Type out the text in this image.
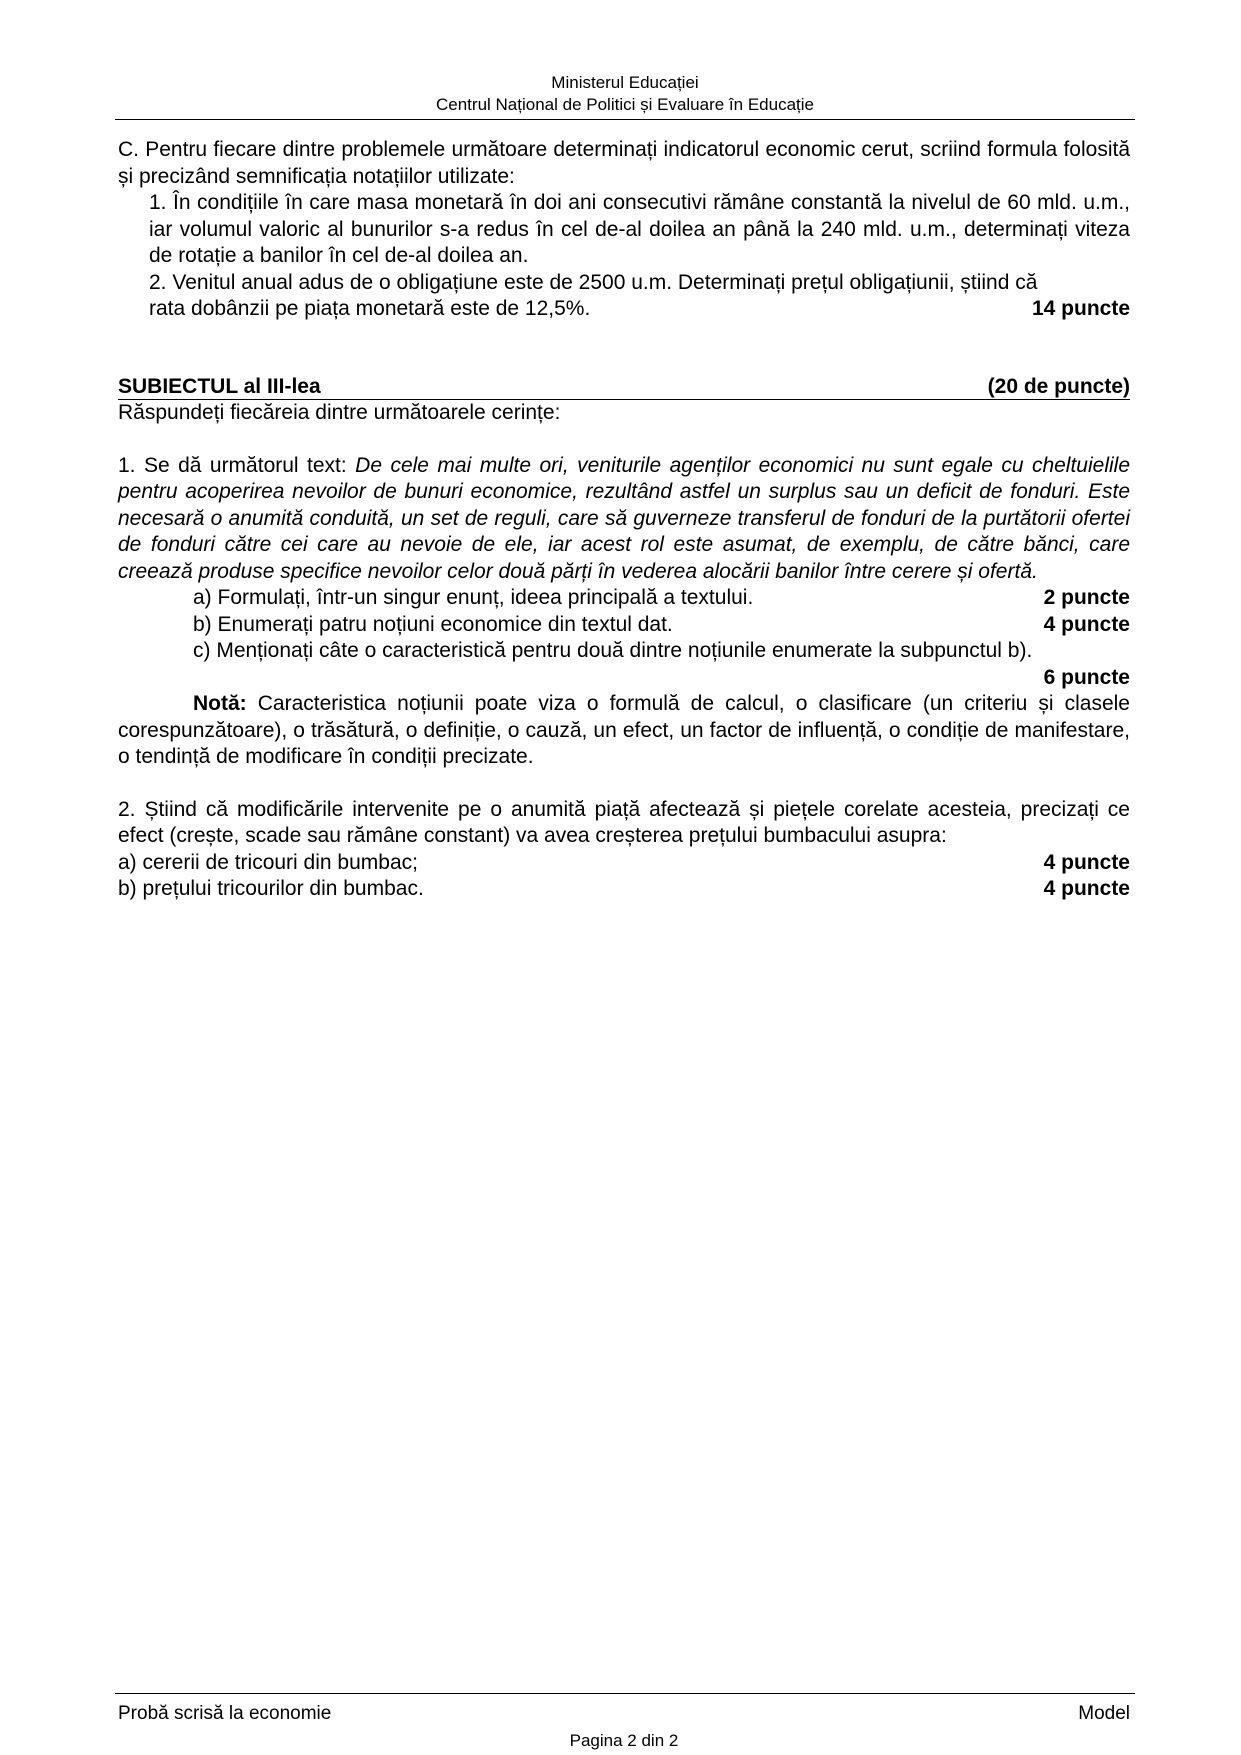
Ministerul Educației
Centrul Național de Politici și Evaluare în Educație
C. Pentru fiecare dintre problemele următoare determinați indicatorul economic cerut, scriind formula folosită și precizând semnificația notațiilor utilizate:
1. În condițiile în care masa monetară în doi ani consecutivi rămâne constantă la nivelul de 60 mld. u.m., iar volumul valoric al bunurilor s-a redus în cel de-al doilea an până la 240 mld. u.m., determinați viteza de rotație a banilor în cel de-al doilea an.
2. Venitul anual adus de o obligațiune este de 2500 u.m. Determinați prețul obligațiunii, știind că
rata dobânzii pe piața monetară este de 12,5%.	14 puncte
SUBIECTUL al III-lea	(20 de puncte)
Răspundeți fiecăreia dintre următoarele cerințe:
1. Se dă următorul text: De cele mai multe ori, veniturile agenților economici nu sunt egale cu cheltuielile pentru acoperirea nevoilor de bunuri economice, rezultând astfel un surplus sau un deficit de fonduri. Este necesară o anumită conduită, un set de reguli, care să guverneze transferul de fonduri de la purtătorii ofertei de fonduri către cei care au nevoie de ele, iar acest rol este asumat, de exemplu, de către bănci, care creează produse specifice nevoilor celor două părți în vederea alocării banilor între cerere și ofertă.
a) Formulați, într-un singur enunț, ideea principală a textului.	2 puncte
b) Enumerați patru noțiuni economice din textul dat.	4 puncte
c) Menționați câte o caracteristică pentru două dintre noțiunile enumerate la subpunctul b).
6 puncte
Notă: Caracteristica noțiunii poate viza o formulă de calcul, o clasificare (un criteriu și clasele corespunzătoare), o trăsătură, o definiție, o cauză, un efect, un factor de influență, o condiție de manifestare, o tendință de modificare în condiții precizate.
2. Știind că modificările intervenite pe o anumită piață afectează și piețele corelate acesteia, precizați ce efect (crește, scade sau rămâne constant) va avea creșterea prețului bumbacului asupra:
a) cererii de tricouri din bumbac;	4 puncte
b) prețului tricourilor din bumbac.	4 puncte
Probă scrisă la economie	Model
Pagina 2 din 2
